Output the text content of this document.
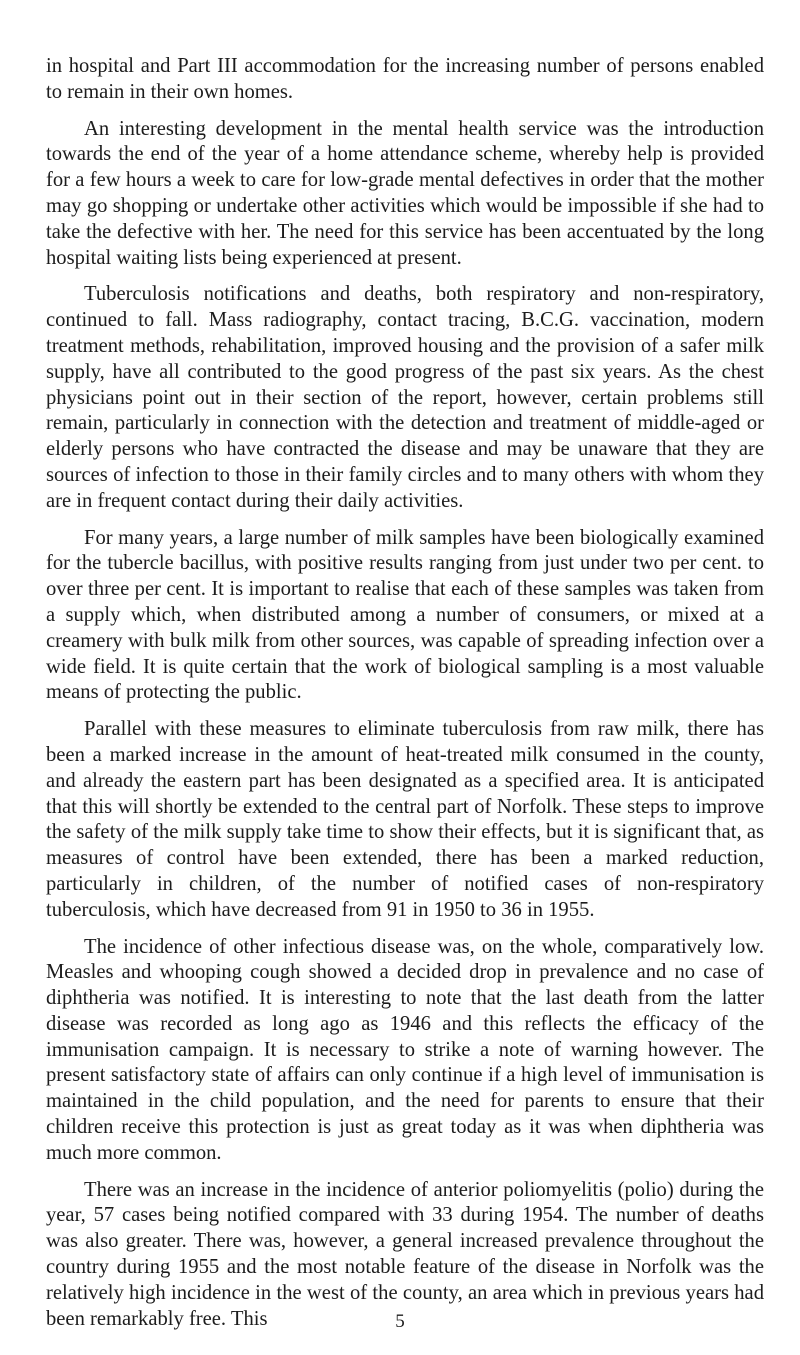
in hospital and Part III accommodation for the increasing number of persons enabled to remain in their own homes.

An interesting development in the mental health service was the introduction towards the end of the year of a home attendance scheme, whereby help is provided for a few hours a week to care for low-grade mental defectives in order that the mother may go shopping or undertake other activities which would be impossible if she had to take the defective with her. The need for this service has been accentuated by the long hospital waiting lists being experienced at present.

Tuberculosis notifications and deaths, both respiratory and non-respiratory, continued to fall. Mass radiography, contact tracing, B.C.G. vaccination, modern treatment methods, rehabilitation, improved housing and the provision of a safer milk supply, have all contributed to the good progress of the past six years. As the chest physicians point out in their section of the report, however, certain problems still remain, particularly in connection with the detection and treatment of middle-aged or elderly persons who have contracted the disease and may be unaware that they are sources of infection to those in their family circles and to many others with whom they are in frequent contact during their daily activities.

For many years, a large number of milk samples have been biologically examined for the tubercle bacillus, with positive results ranging from just under two per cent. to over three per cent. It is important to realise that each of these samples was taken from a supply which, when distributed among a number of consumers, or mixed at a creamery with bulk milk from other sources, was capable of spreading infection over a wide field. It is quite certain that the work of biological sampling is a most valuable means of protecting the public.

Parallel with these measures to eliminate tuberculosis from raw milk, there has been a marked increase in the amount of heat-treated milk consumed in the county, and already the eastern part has been designated as a specified area. It is anticipated that this will shortly be extended to the central part of Norfolk. These steps to improve the safety of the milk supply take time to show their effects, but it is significant that, as measures of control have been extended, there has been a marked reduction, particularly in children, of the number of notified cases of non-respiratory tuberculosis, which have decreased from 91 in 1950 to 36 in 1955.

The incidence of other infectious disease was, on the whole, comparatively low. Measles and whooping cough showed a decided drop in prevalence and no case of diphtheria was notified. It is interesting to note that the last death from the latter disease was recorded as long ago as 1946 and this reflects the efficacy of the immunisation campaign. It is necessary to strike a note of warning however. The present satisfactory state of affairs can only continue if a high level of immunisation is maintained in the child population, and the need for parents to ensure that their children receive this protection is just as great today as it was when diphtheria was much more common.

There was an increase in the incidence of anterior poliomyelitis (polio) during the year, 57 cases being notified compared with 33 during 1954. The number of deaths was also greater. There was, however, a general increased prevalence throughout the country during 1955 and the most notable feature of the disease in Norfolk was the relatively high incidence in the west of the county, an area which in previous years had been remarkably free. This	5
